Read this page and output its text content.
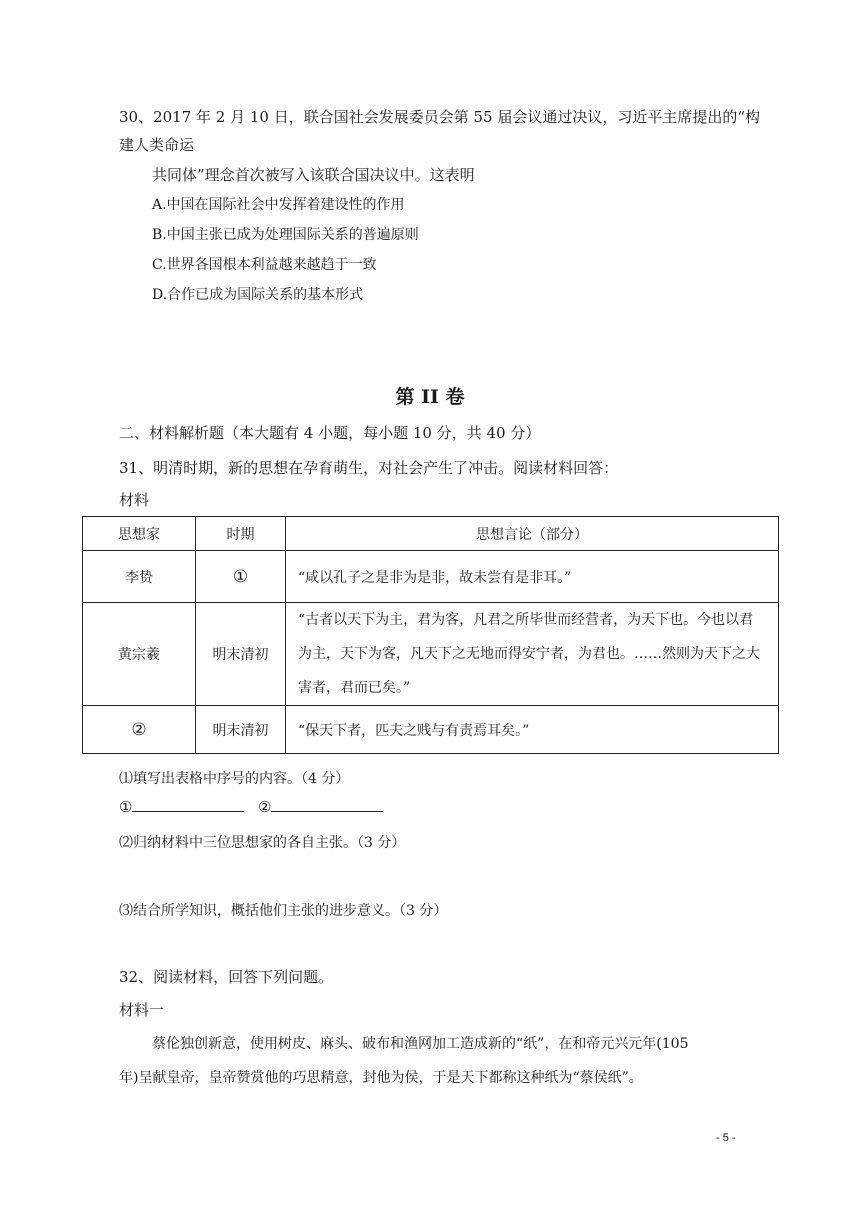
30、2017 年 2 月 10 日，联合国社会发展委员会第 55 届会议通过决议，习近平主席提出的“构
建人类命运
共同体”理念首次被写入该联合国决议中。这表明
A.中国在国际社会中发挥着建设性的作用
B.中国主张已成为处理国际关系的普遍原则
C.世界各国根本利益越来越趋于一致
D.合作已成为国际关系的基本形式
第 II 卷
二、材料解析题（本大题有 4 小题，每小题 10 分，共 40 分）
31、明清时期，新的思想在孕育萌生，对社会产生了冲击。阅读材料回答：
材料
思想家	时期	思想言论（部分）
李贽	①	“咸以孔子之是非为是非，故未尝有是非耳。”
黄宗羲	明末清初	“古者以天下为主，君为客，凡君之所毕世而经营者，为天下也。今也以君为主，天下为客，凡天下之无地而得安宁者，为君也。……然则为天下之大害者，君而已矣。”
②	明末清初	“保天下者，匹夫之贱与有责焉耳矣。”
⑴填写出表格中序号的内容。（4 分）
①	②
⑵归纳材料中三位思想家的各自主张。（3 分）
⑶结合所学知识，概括他们主张的进步意义。（3 分）
32、阅读材料，回答下列问题。
材料一
蔡伦独创新意，使用树皮、麻头、破布和渔网加工造成新的“纸”，在和帝元兴元年(105
年)呈献皇帝，皇帝赞赏他的巧思精意，封他为侯，于是天下都称这种纸为“蔡侯纸”。
- 5 -
